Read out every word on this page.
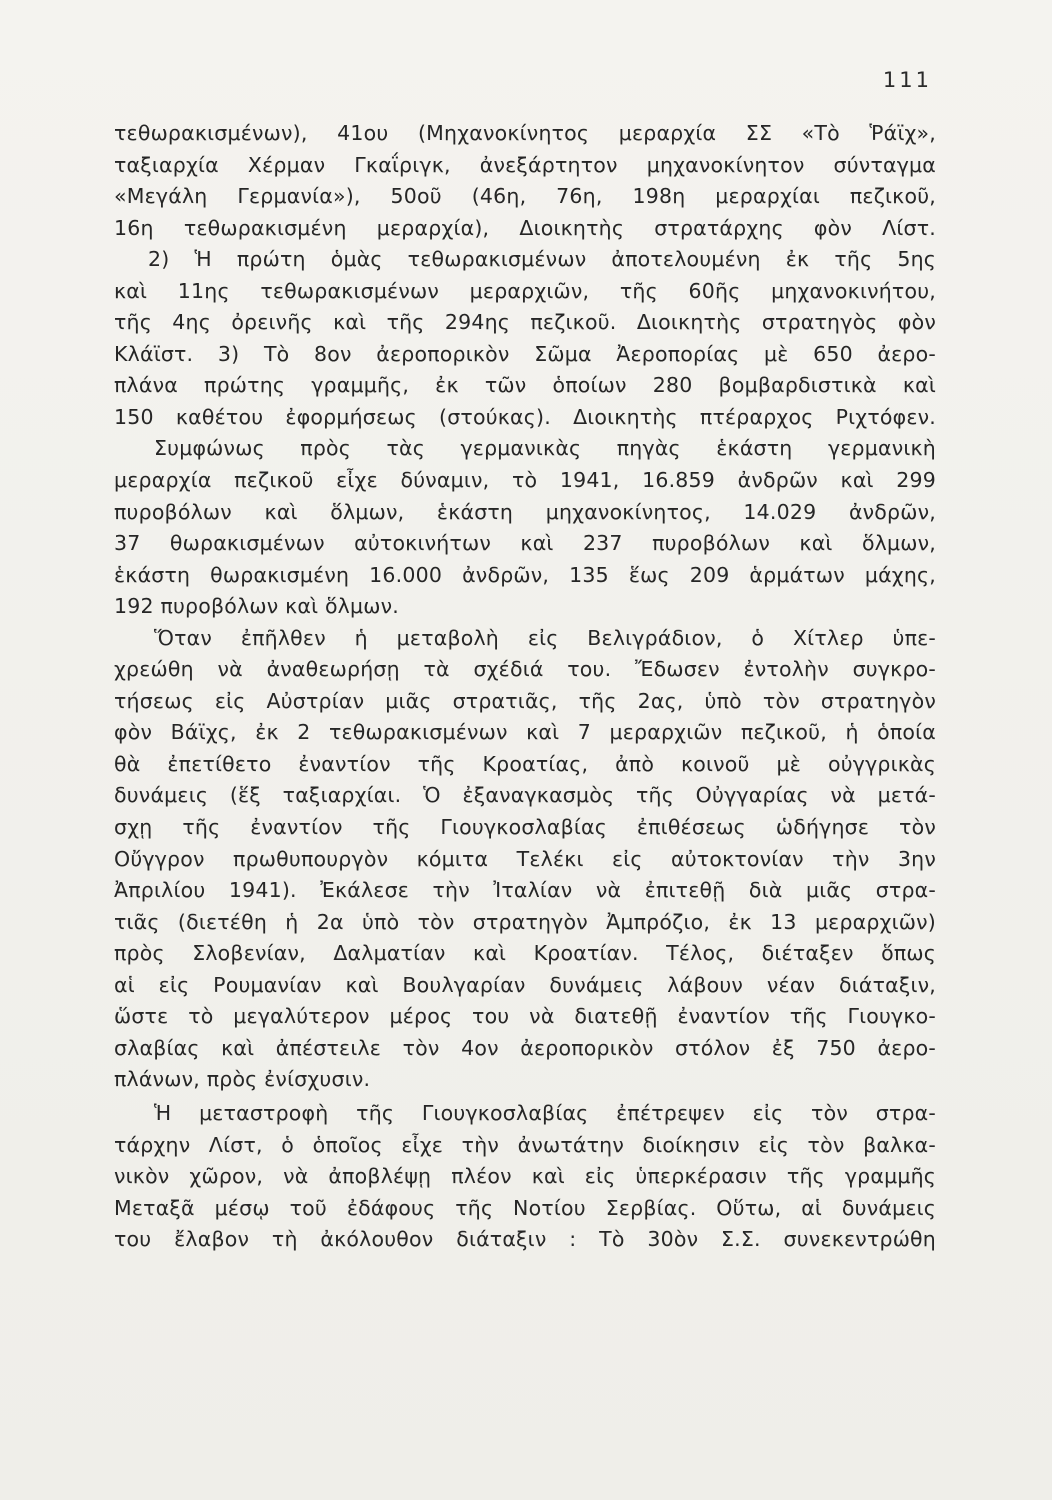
111
τεθωρακισμένων), 41ου (Μηχανοκίνητος μεραρχία ΣΣ «Τὸ Ῥάϊχ»,
ταξιαρχία Χέρμαν Γκαΐριγκ, ἀνεξάρτητον μηχανοκίνητον σύνταγμα
«Μεγάλη Γερμανία»), 50οῦ (46η, 76η, 198η μεραρχίαι πεζικοῦ,
16η τεθωρακισμένη μεραρχία), Διοικητὴς στρατάρχης φὸν Λίστ.
2) Ἡ πρώτη ὁμὰς τεθωρακισμένων ἀποτελουμένη ἐκ τῆς 5ης
καὶ 11ης τεθωρακισμένων μεραρχιῶν, τῆς 60ῆς μηχανοκινήτου,
τῆς 4ης ὀρεινῆς καὶ τῆς 294ης πεζικοῦ. Διοικητὴς στρατηγὸς φὸν
Κλάϊστ. 3) Τὸ 8ον ἀεροπορικὸν Σῶμα Ἀεροπορίας μὲ 650 ἀερο-
πλάνα πρώτης γραμμῆς, ἐκ τῶν ὁποίων 280 βομβαρδιστικὰ καὶ
150 καθέτου ἐφορμήσεως (στούκας). Διοικητὴς πτέραρχος Ριχτόφεν.
Συμφώνως πρὸς τὰς γερμανικὰς πηγὰς ἑκάστη γερμανικὴ
μεραρχία πεζικοῦ εἶχε δύναμιν, τὸ 1941, 16.859 ἀνδρῶν καὶ 299
πυροβόλων καὶ ὅλμων, ἑκάστη μηχανοκίνητος, 14.029 ἀνδρῶν,
37 θωρακισμένων αὐτοκινήτων καὶ 237 πυροβόλων καὶ ὅλμων,
ἑκάστη θωρακισμένη 16.000 ἀνδρῶν, 135 ἕως 209 ἁρμάτων μάχης,
192 πυροβόλων καὶ ὅλμων.
Ὅταν ἐπῆλθεν ἡ μεταβολὴ εἰς Βελιγράδιον, ὁ Χίτλερ ὑπε-
χρεώθη νὰ ἀναθεωρήσῃ τὰ σχέδιά του. Ἔδωσεν ἐντολὴν συγκρο-
τήσεως εἰς Αὐστρίαν μιᾶς στρατιᾶς, τῆς 2ας, ὑπὸ τὸν στρατηγὸν
φὸν Βάϊχς, ἐκ 2 τεθωρακισμένων καὶ 7 μεραρχιῶν πεζικοῦ, ἡ ὁποία
θὰ ἐπετίθετο ἐναντίον τῆς Κροατίας, ἀπὸ κοινοῦ μὲ οὐγγρικὰς
δυνάμεις (ἕξ ταξιαρχίαι. Ὁ ἐξαναγκασμὸς τῆς Οὐγγαρίας νὰ μετά-
σχῃ τῆς ἐναντίον τῆς Γιουγκοσλαβίας ἐπιθέσεως ὡδήγησε τὸν
Οὔγγρον πρωθυπουργὸν κόμιτα Τελέκι εἰς αὐτοκτονίαν τὴν 3ην
Ἀπριλίου 1941). Ἐκάλεσε τὴν Ἰταλίαν νὰ ἐπιτεθῇ διὰ μιᾶς στρα-
τιᾶς (διετέθη ἡ 2α ὑπὸ τὸν στρατηγὸν Ἀμπρόζιο, ἐκ 13 μεραρχιῶν)
πρὸς Σλοβενίαν, Δαλματίαν καὶ Κροατίαν. Τέλος, διέταξεν ὅπως
αἱ εἰς Ρουμανίαν καὶ Βουλγαρίαν δυνάμεις λάβουν νέαν διάταξιν,
ὥστε τὸ μεγαλύτερον μέρος του νὰ διατεθῇ ἐναντίον τῆς Γιουγκο-
σλαβίας καὶ ἀπέστειλε τὸν 4ον ἀεροπορικὸν στόλον ἐξ 750 ἀερο-
πλάνων, πρὸς ἐνίσχυσιν.
Ἡ μεταστροφὴ τῆς Γιουγκοσλαβίας ἐπέτρεψεν εἰς τὸν στρα-
τάρχην Λίστ, ὁ ὁποῖος εἶχε τὴν ἀνωτάτην διοίκησιν εἰς τὸν βαλκα-
νικὸν χῶρον, νὰ ἀποβλέψῃ πλέον καὶ εἰς ὑπερκέρασιν τῆς γραμμῆς
Μεταξᾶ μέσῳ τοῦ ἐδάφους τῆς Νοτίου Σερβίας. Οὕτω, αἱ δυνάμεις
του ἔλαβον τὴ ἀκόλουθον διάταξιν : Τὸ 30ὸν Σ.Σ. συνεκεντρώθη
